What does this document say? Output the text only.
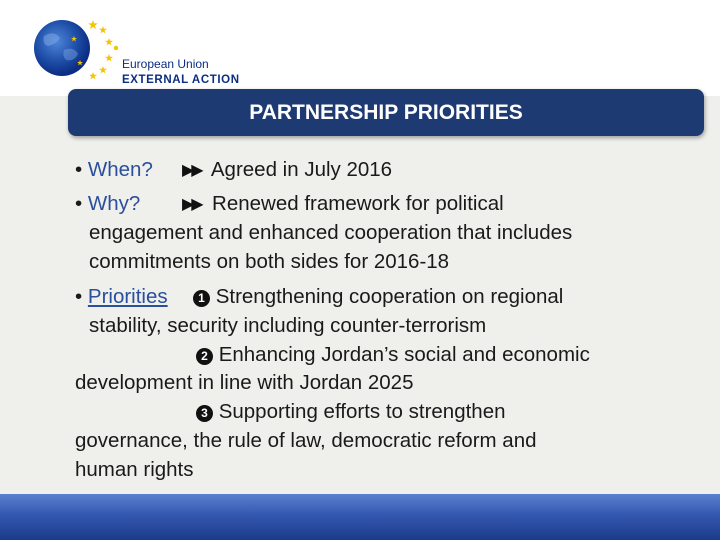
European Union
EXTERNAL ACTION
PARTNERSHIP PRIORITIES
• When? ▶▶ Agreed in July 2016
• Why?	▶▶ Renewed framework for political
engagement and enhanced cooperation that includes
commitments on both sides for 2016-18
• Priorities	1 Strengthening cooperation on regional
stability, security including counter-terrorism
2 Enhancing Jordan’s social and economic
development in line with Jordan 2025
3 Supporting efforts to strengthen
governance, the rule of law, democratic reform and
human rights
